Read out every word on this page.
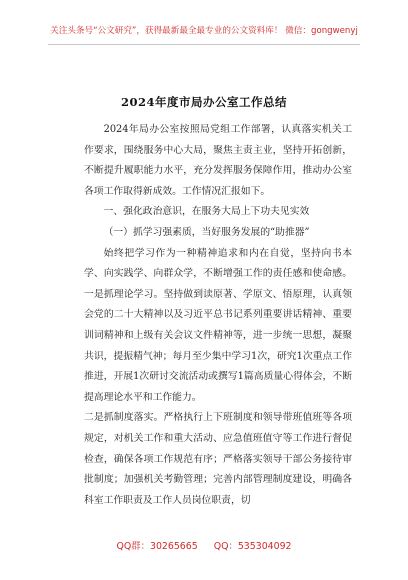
关注头条号“公文研究”，获得最新最全最专业的公文资料库！ 微信：gongwenyj
2024年度市局办公室工作总结

2024年局办公室按照局党组工作部署，认真落实机关工作要求，围绕服务中心大局，聚焦主责主业，坚持开拓创新，不断提升履职能力水平，充分发挥服务保障作用，推动办公室各项工作取得新成效。工作情况汇报如下。

一、强化政治意识，在服务大局上下功夫见实效

（一）抓学习强素质，当好服务发展的“助推器”

始终把学习作为一种精神追求和内在自觉，坚持向书本学、向实践学、向群众学，不断增强工作的责任感和使命感。一是抓理论学习。坚持做到读原著、学原文、悟原理，认真领会党的二十大精神以及习近平总书记系列重要讲话精神、重要训词精神和上级有关会议文件精神等，进一步统一思想，凝聚共识，提振精气神；每月至少集中学习1次，研究1次重点工作推进，开展1次研讨交流活动或撰写1篇高质量心得体会，不断提高理论水平和工作能力。

二是抓制度落实。严格执行上下班制度和领导带班值班等各项规定，对机关工作和重大活动、应急值班值守等工作进行督促检查，确保各项工作规范有序；严格落实领导干部公务接待审批制度；加强机关考勤管理；完善内部管理制度建设，明确各科室工作职责及工作人员岗位职责，切

QQ群：30265665 QQ：535304092
